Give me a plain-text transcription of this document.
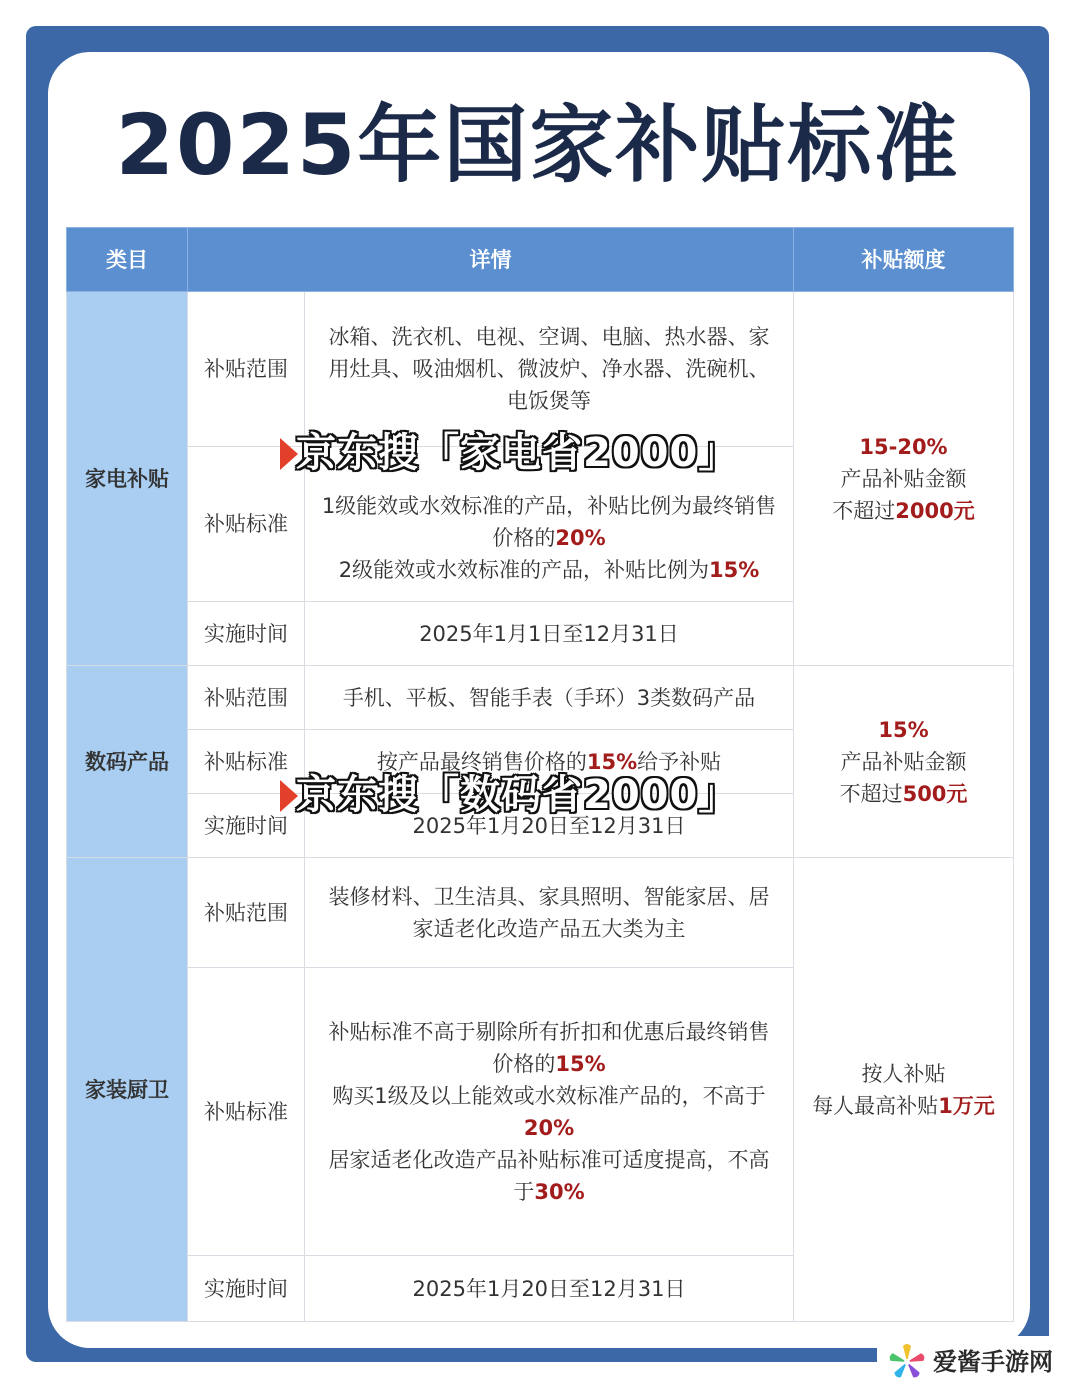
2025年国家补贴标准
类目	详情		补贴额度
家电补贴	补贴范围	冰箱、洗衣机、电视、空调、电脑、热水器、家用灶具、吸油烟机、微波炉、净水器、洗碗机、电饭煲等	15-20%
产品补贴金额
不超过2000元

	补贴标准	1级能效或水效标准的产品，补贴比例为最终销售价格的20%
2级能效或水效标准的产品，补贴比例为15%	

	实施时间	2025年1月1日至12月31日	
数码产品	补贴范围	手机、平板、智能手表（手环）3类数码产品	15%
产品补贴金额
不超过500元

	补贴标准	按产品最终销售价格的15%给予补贴	
	实施时间	2025年1月20日至12月31日	
家装厨卫	补贴范围	装修材料、卫生洁具、家具照明、智能家居、居家适老化改造产品五大类为主	按人补贴
每人最高补贴1万元

	补贴标准	补贴标准不高于剔除所有折扣和优惠后最终销售价格的15%
购买1级及以上能效或水效标准产品的，不高于20%
居家适老化改造产品补贴标准可适度提高，不高于30%	

	实施时间	2025年1月20日至12月31日	
京东搜「家电省2000」
京东搜「数码省2000」
爱酱手游网
